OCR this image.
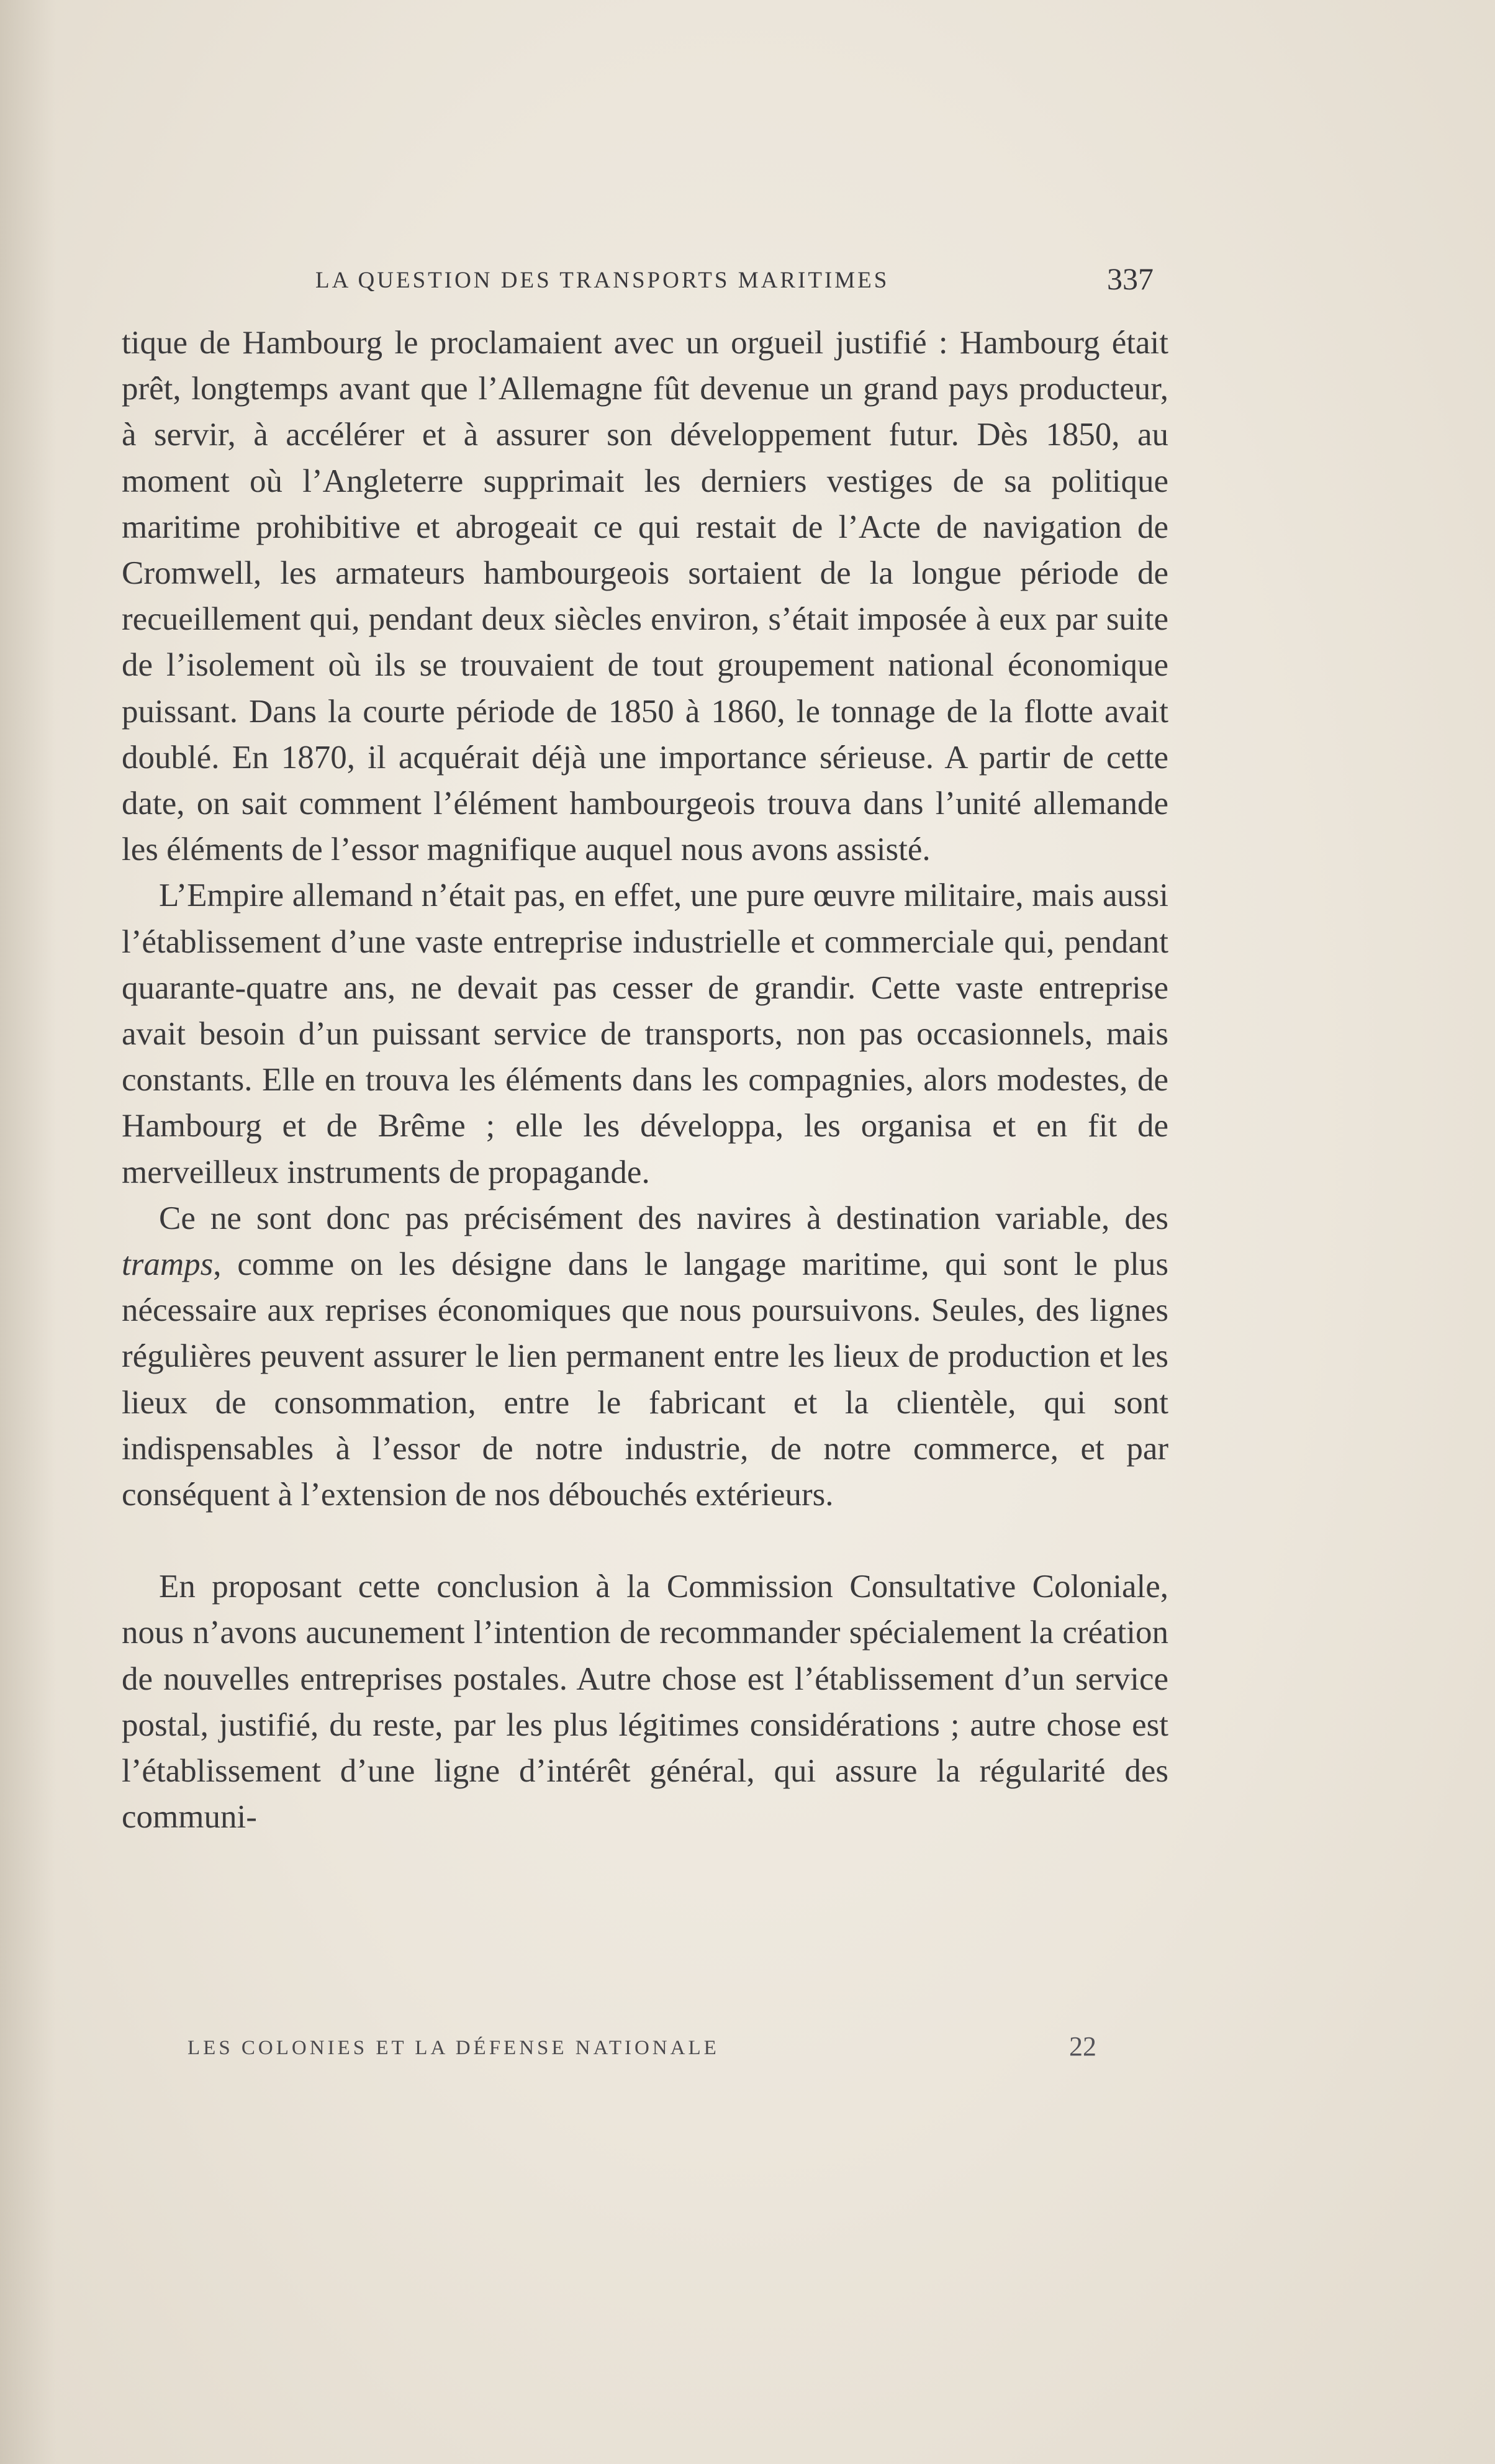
LA QUESTION DES TRANSPORTS MARITIMES	337

tique de Hambourg le proclamaient avec un orgueil justifié : Hambourg était prêt, longtemps avant que l’Allemagne fût devenue un grand pays producteur, à servir, à accélérer et à assurer son développement futur. Dès 1850, au moment où l’Angleterre supprimait les derniers vestiges de sa politique maritime prohibitive et abrogeait ce qui restait de l’Acte de navigation de Cromwell, les armateurs hambourgeois sortaient de la longue période de recueillement qui, pendant deux siècles environ, s’était imposée à eux par suite de l’isolement où ils se trouvaient de tout groupement national économique puissant. Dans la courte période de 1850 à 1860, le tonnage de la flotte avait doublé. En 1870, il acquérait déjà une importance sérieuse. A partir de cette date, on sait comment l’élément hambourgeois trouva dans l’unité allemande les éléments de l’essor magnifique auquel nous avons assisté.

L’Empire allemand n’était pas, en effet, une pure œuvre militaire, mais aussi l’établissement d’une vaste entreprise industrielle et commerciale qui, pendant quarante-quatre ans, ne devait pas cesser de grandir. Cette vaste entreprise avait besoin d’un puissant service de transports, non pas occasionnels, mais constants. Elle en trouva les éléments dans les compagnies, alors modestes, de Hambourg et de Brême ; elle les développa, les organisa et en fit de merveilleux instruments de propagande.

Ce ne sont donc pas précisément des navires à destination variable, des tramps, comme on les désigne dans le langage maritime, qui sont le plus nécessaire aux reprises économiques que nous poursuivons. Seules, des lignes régulières peuvent assurer le lien permanent entre les lieux de production et les lieux de consommation, entre le fabricant et la clientèle, qui sont indispensables à l’essor de notre industrie, de notre commerce, et par conséquent à l’extension de nos débouchés extérieurs.

En proposant cette conclusion à la Commission Consultative Coloniale, nous n’avons aucunement l’intention de recommander spécialement la création de nouvelles entreprises postales. Autre chose est l’établissement d’un service postal, justifié, du reste, par les plus légitimes considérations ; autre chose est l’établissement d’une ligne d’intérêt général, qui assure la régularité des communi-

LES COLONIES ET LA DÉFENSE NATIONALE	22
